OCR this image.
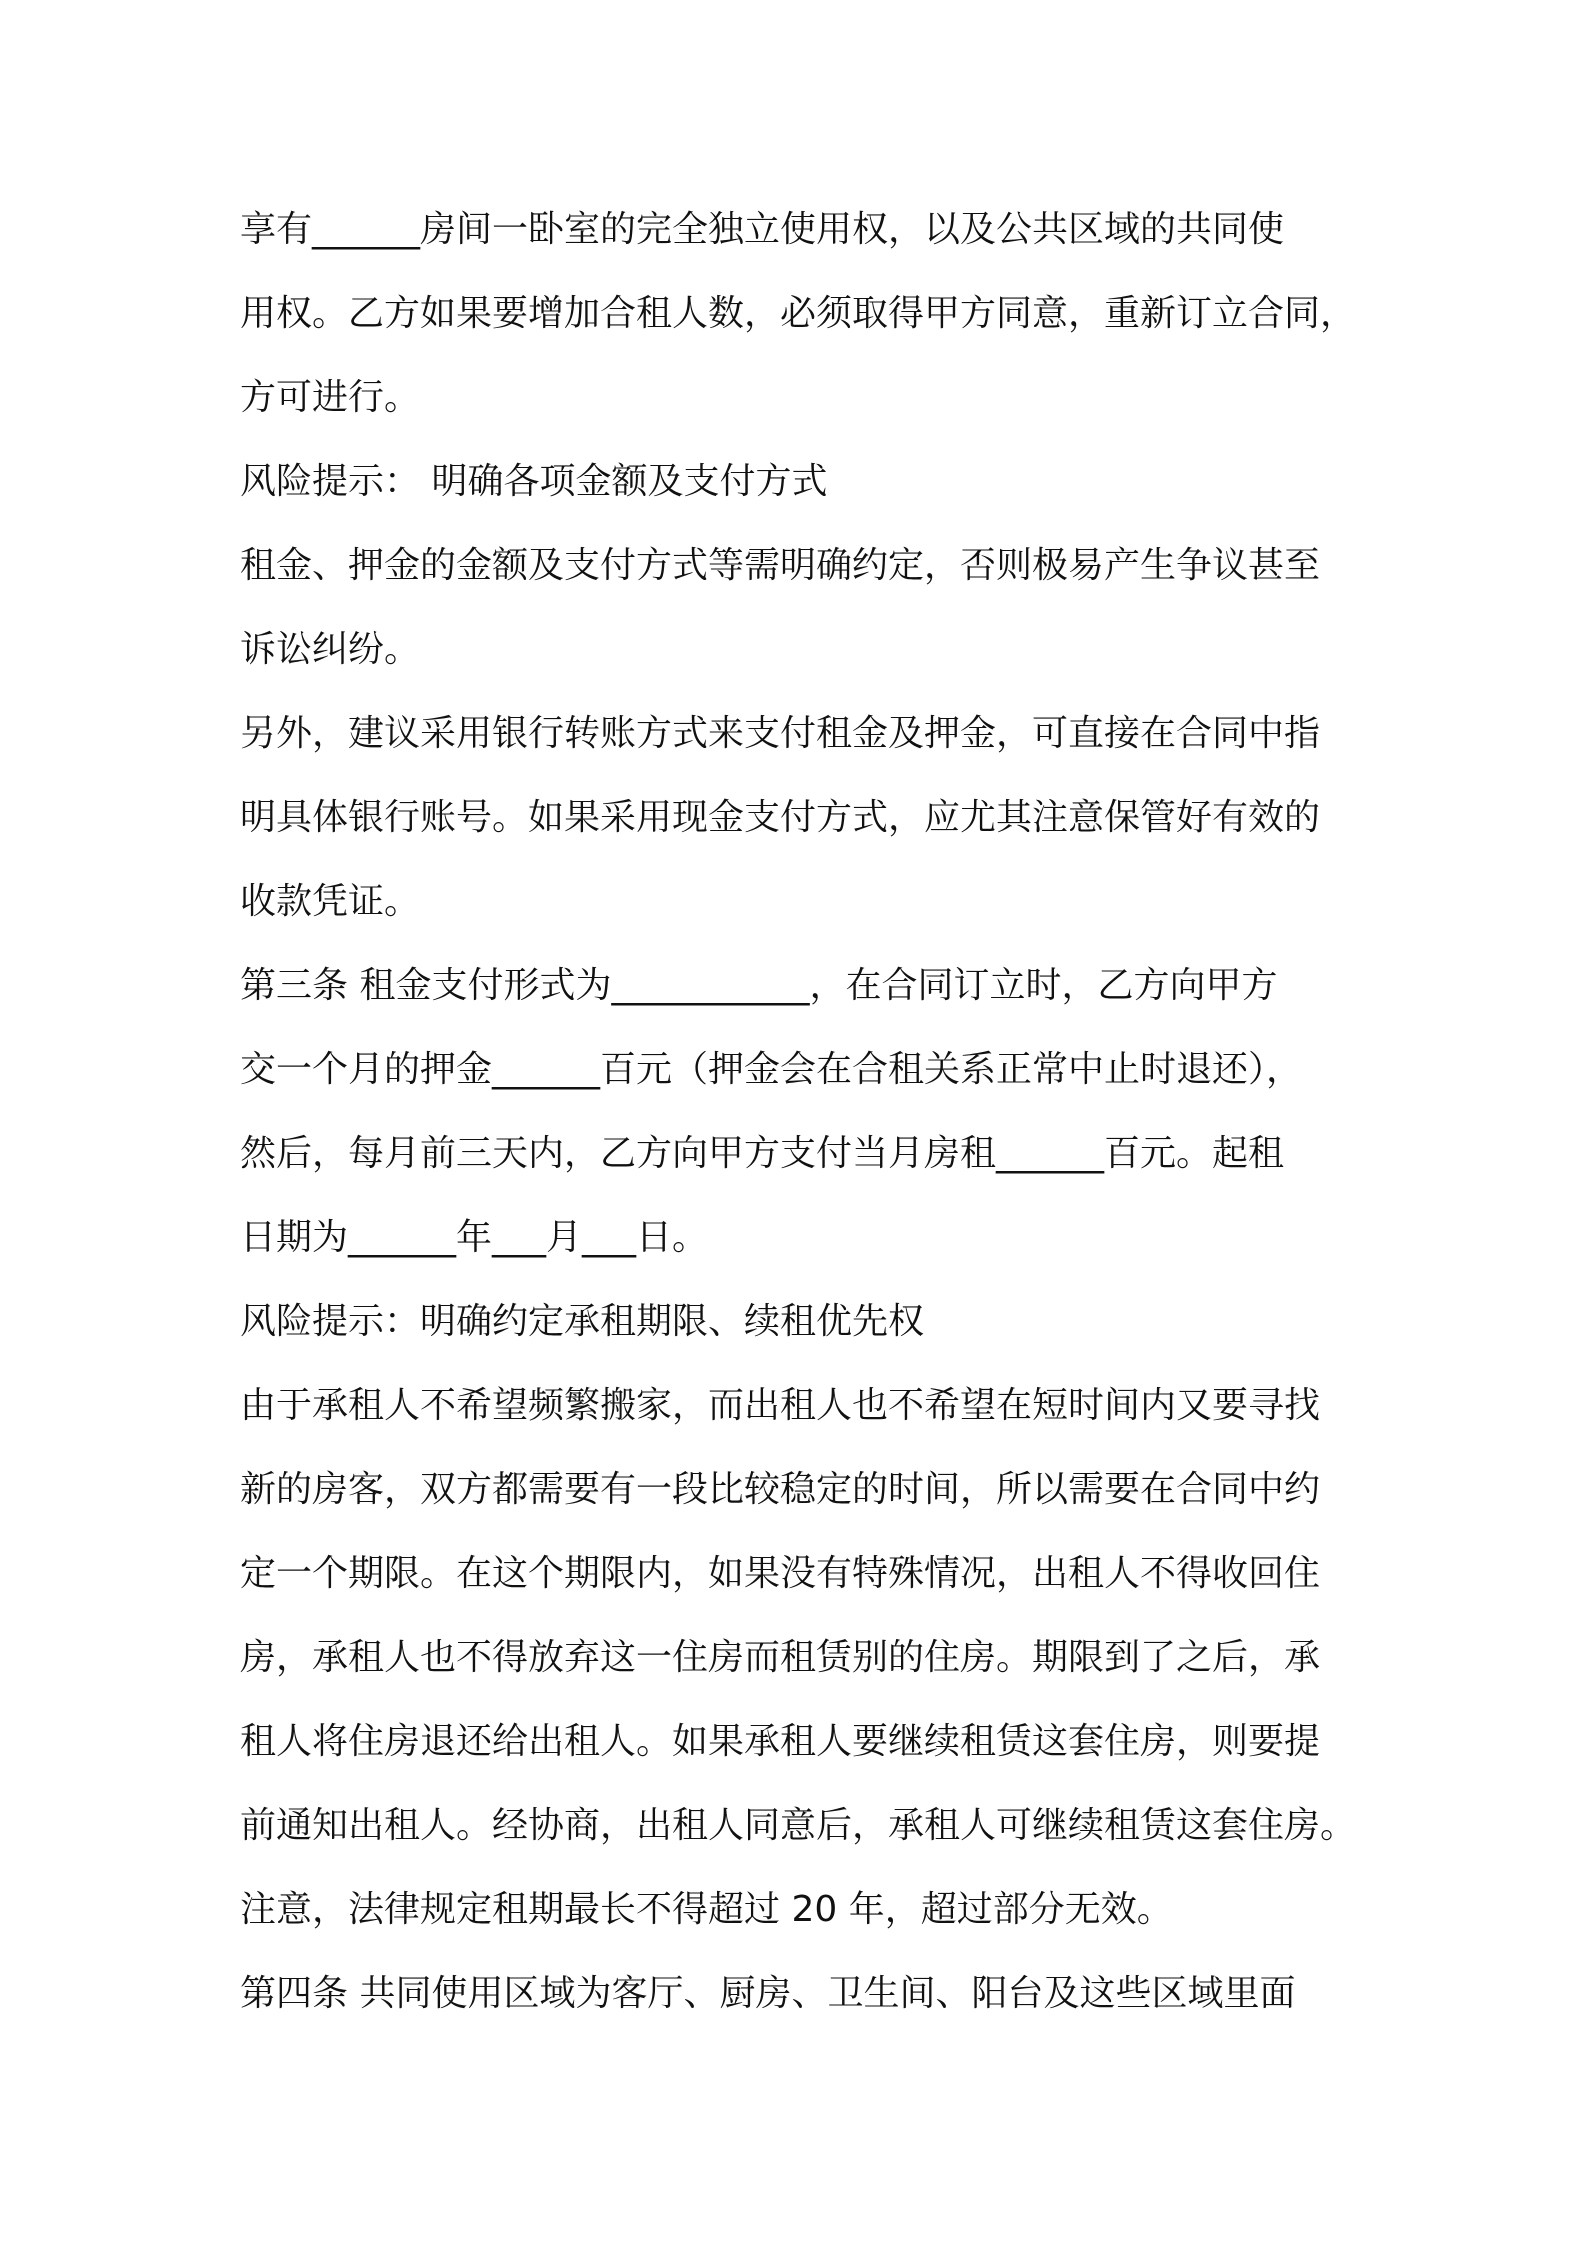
享有______房间一卧室的完全独立使用权，以及公共区域的共同使
用权。乙方如果要增加合租人数，必须取得甲方同意，重新订立合同，
方可进行。
风险提示： 明确各项金额及支付方式
租金、押金的金额及支付方式等需明确约定，否则极易产生争议甚至
诉讼纠纷。
另外，建议采用银行转账方式来支付租金及押金，可直接在合同中指
明具体银行账号。如果采用现金支付方式，应尤其注意保管好有效的
收款凭证。
第三条 租金支付形式为___________，在合同订立时，乙方向甲方
交一个月的押金______百元（押金会在合租关系正常中止时退还），
然后，每月前三天内，乙方向甲方支付当月房租______百元。起租
日期为______年___月___日。
风险提示：明确约定承租期限、续租优先权
由于承租人不希望频繁搬家，而出租人也不希望在短时间内又要寻找
新的房客，双方都需要有一段比较稳定的时间，所以需要在合同中约
定一个期限。在这个期限内，如果没有特殊情况，出租人不得收回住
房，承租人也不得放弃这一住房而租赁别的住房。期限到了之后，承
租人将住房退还给出租人。如果承租人要继续租赁这套住房，则要提
前通知出租人。经协商，出租人同意后，承租人可继续租赁这套住房。
注意，法律规定租期最长不得超过 20 年，超过部分无效。
第四条 共同使用区域为客厅、厨房、卫生间、阳台及这些区域里面
